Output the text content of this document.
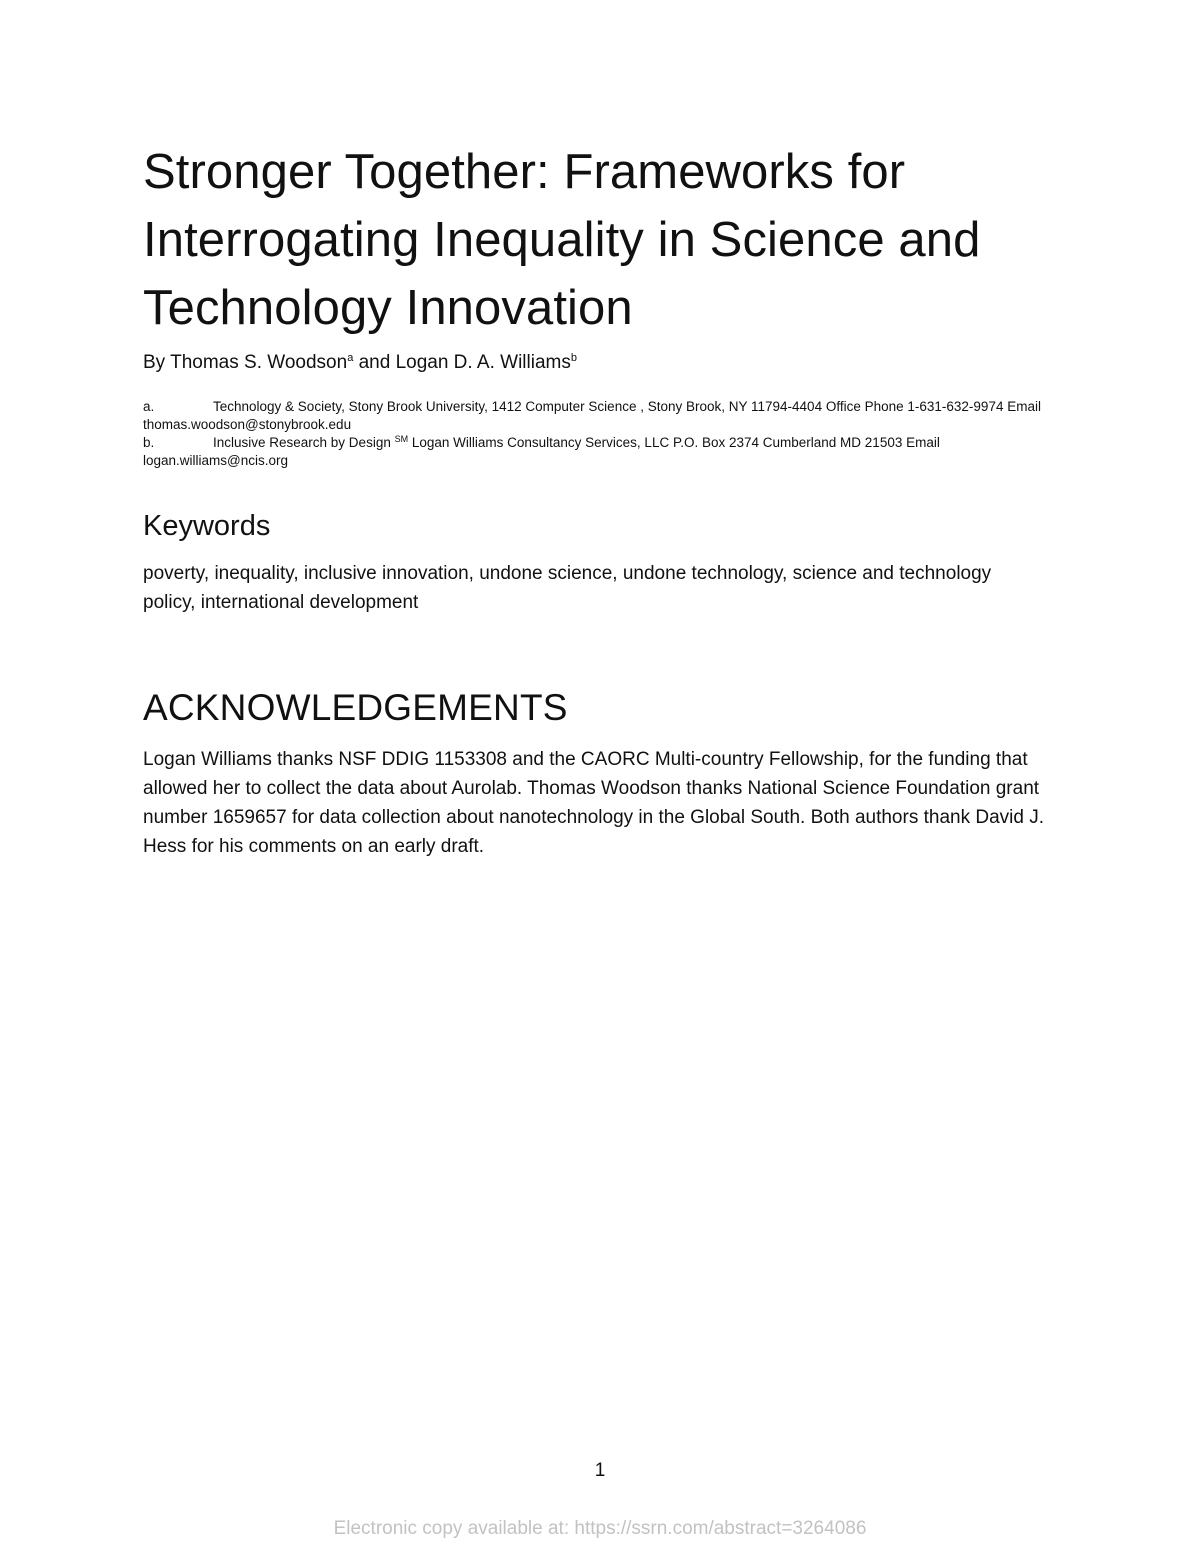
Stronger Together: Frameworks for Interrogating Inequality in Science and Technology Innovation
By Thomas S. Woodson$^a$ and Logan D. A. Williams$^b$

a.	Technology & Society, Stony Brook University, 1412 Computer Science , Stony Brook, NY 11794-4404 Office Phone 1-631-632-9974 Email thomas.woodson@stonybrook.edu

b.	Inclusive Research by Design ℠ Logan Williams Consultancy Services, LLC P.O. Box 2374 Cumberland MD 21503 Email logan.williams@ncis.org

Keywords

poverty, inequality, inclusive innovation, undone science, undone technology, science and technology policy, international development

ACKNOWLEDGEMENTS

Logan Williams thanks NSF DDIG 1153308 and the CAORC Multi-country Fellowship, for the funding that allowed her to collect the data about Aurolab. Thomas Woodson thanks National Science Foundation grant number 1659657 for data collection about nanotechnology in the Global South. Both authors thank David J. Hess for his comments on an early draft.

1
Electronic copy available at: https://ssrn.com/abstract=3264086
